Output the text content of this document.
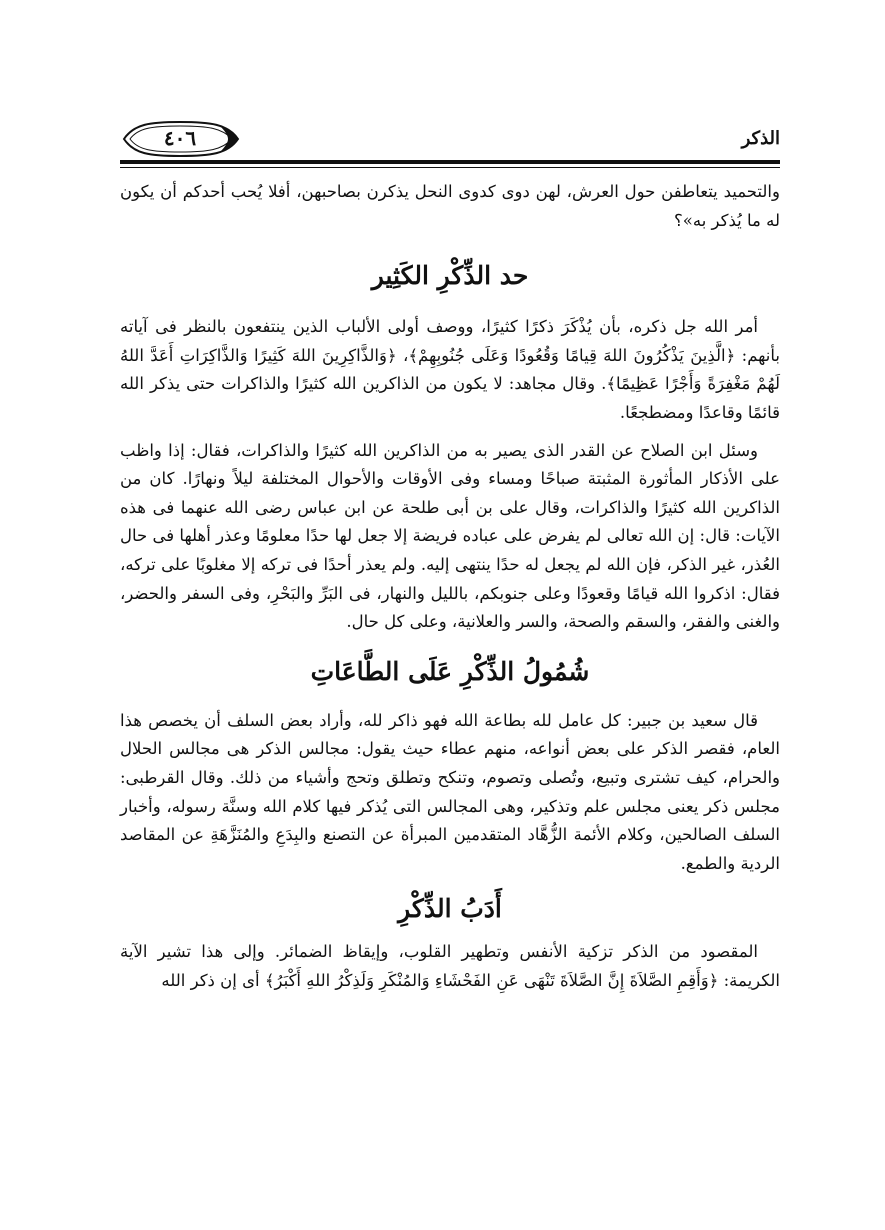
٤٠٦	الذكر

والتحميد يتعاطفن حول العرش، لهن دوى كدوى النحل يذكرن بصاحبهن، أفلا يُحب أحدكم أن يكون له ما يُذكر به»؟

حد الذِّكْرِ الكَثِير

أمر الله جل ذكره، بأن يُذْكَرَ ذكرًا كثيرًا، ووصف أولى الألباب الذين ينتفعون بالنظر فى آياته بأنهم: ﴿الَّذِينَ يَذْكُرُونَ اللهَ قِيامًا وَقُعُودًا وَعَلَى جُنُوبِهِمْ﴾، ﴿وَالذَّاكِرِينَ اللهَ كَثِيرًا وَالذَّاكِرَاتِ أَعَدَّ اللهُ لَهُمْ مَغْفِرَةً وَأَجْرًا عَظِيمًا﴾. وقال مجاهد: لا يكون من الذاكرين الله كثيرًا والذاكرات حتى يذكر الله قائمًا وقاعدًا ومضطجعًا.

وسئل ابن الصلاح عن القدر الذى يصير به من الذاكرين الله كثيرًا والذاكرات، فقال: إذا واظب على الأذكار المأثورة المثبتة صباحًا ومساء وفى الأوقات والأحوال المختلفة ليلاً ونهارًا. كان من الذاكرين الله كثيرًا والذاكرات، وقال على بن أبى طلحة عن ابن عباس رضى الله عنهما فى هذه الآيات: قال: إن الله تعالى لم يفرض على عباده فريضة إلا جعل لها حدًا معلومًا وعذر أهلها فى حال العُذر، غير الذكر، فإن الله لم يجعل له حدًا ينتهى إليه. ولم يعذر أحدًا فى تركه إلا مغلوبًا على تركه، فقال: اذكروا الله قيامًا وقعودًا وعلى جنوبكم، بالليل والنهار، فى البَرِّ والبَحْرِ، وفى السفر والحضر، والغنى والفقر، والسقم والصحة، والسر والعلانية، وعلى كل حال.

شُمُولُ الذِّكْرِ عَلَى الطَّاعَاتِ

قال سعيد بن جبير: كل عامل لله بطاعة الله فهو ذاكر لله، وأراد بعض السلف أن يخصص هذا العام، فقصر الذكر على بعض أنواعه، منهم عطاء حيث يقول: مجالس الذكر هى مجالس الحلال والحرام، كيف تشترى وتبيع، وتُصلى وتصوم، وتنكح وتطلق وتحج وأشياء من ذلك. وقال القرطبى: مجلس ذكر يعنى مجلس علم وتذكير، وهى المجالس التى يُذكر فيها كلام الله وسنَّة رسوله، وأخبار السلف الصالحين، وكلام الأئمة الزُّهَّاد المتقدمين المبرأة عن التصنع والبِدَعِ والمُنَزَّهَةِ عن المقاصد الردية والطمع.

أَدَبُ الذِّكْرِ

المقصود من الذكر تزكية الأنفس وتطهير القلوب، وإيقاظ الضمائر. وإلى هذا تشير الآية الكريمة: ﴿وَأَقِمِ الصَّلاَةَ إِنَّ الصَّلاَةَ تَنْهَى عَنِ الفَحْشَاءِ وَالمُنْكَرِ وَلَذِكْرُ اللهِ أَكْبَرُ﴾ أى إن ذكر الله
